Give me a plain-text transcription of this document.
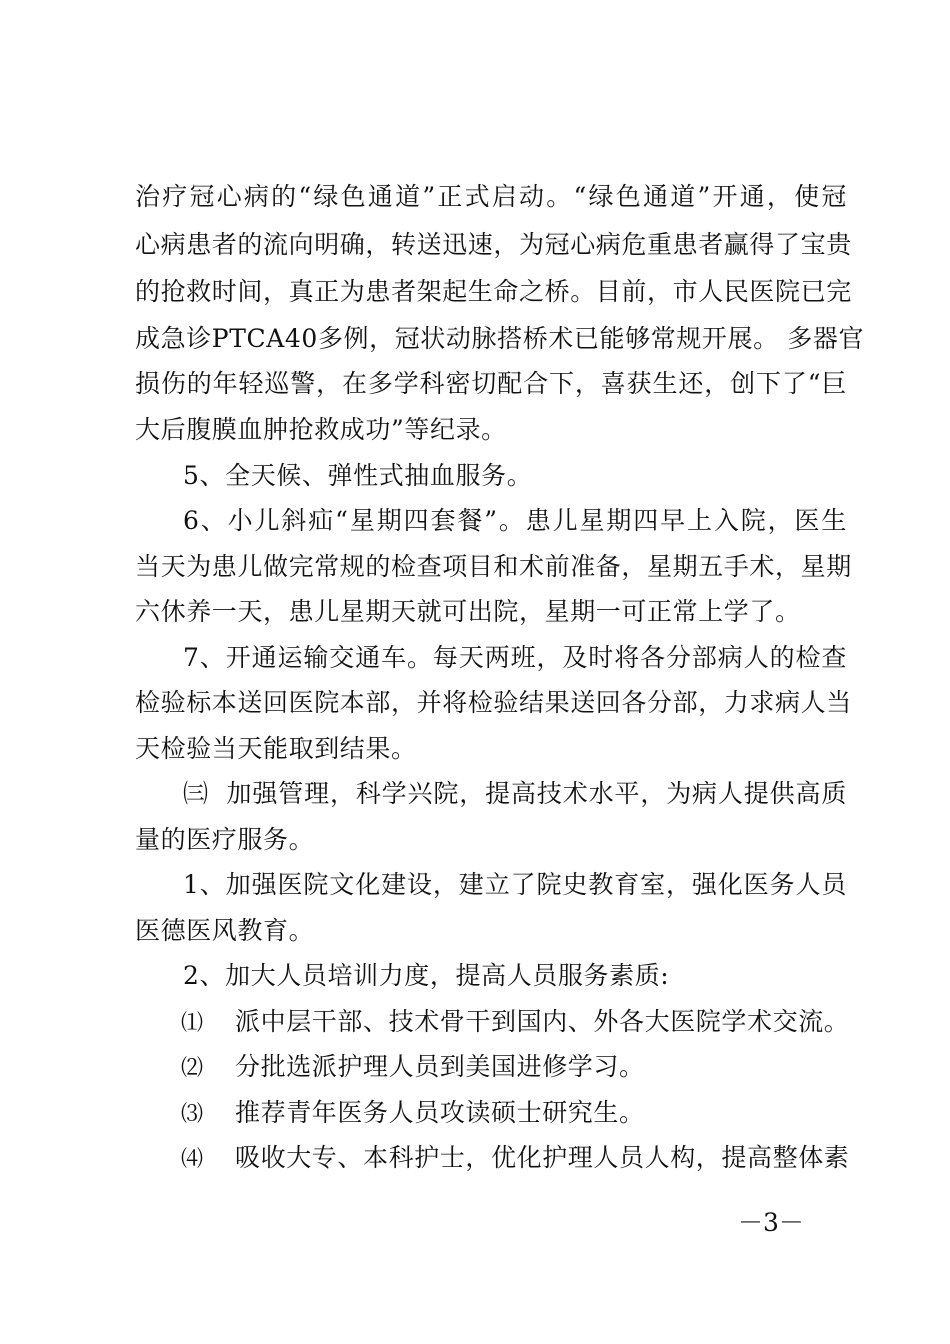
治疗冠心病的“绿色通道”正式启动。“绿色通道”开通，使冠
心病患者的流向明确，转送迅速，为冠心病危重患者赢得了宝贵
的抢救时间，真正为患者架起生命之桥。目前，市人民医院已完
成急诊PTCA40多例，冠状动脉搭桥术已能够常规开展。 多器官
损伤的年轻巡警，在多学科密切配合下，喜获生还，创下了“巨
大后腹膜血肿抢救成功”等纪录。
5、全天候、弹性式抽血服务。
6、小儿斜疝“星期四套餐”。患儿星期四早上入院，医生
当天为患儿做完常规的检查项目和术前准备，星期五手术，星期
六休养一天，患儿星期天就可出院，星期一可正常上学了。
7、开通运输交通车。每天两班，及时将各分部病人的检查
检验标本送回医院本部，并将检验结果送回各分部，力求病人当
天检验当天能取到结果。
㈢  加强管理，科学兴院，提高技术水平，为病人提供高质
量的医疗服务。
1、加强医院文化建设，建立了院史教育室，强化医务人员
医德医风教育。
2、加大人员培训力度，提高人员服务素质:
⑴ 派中层干部、技术骨干到国内、外各大医院学术交流。
⑵ 分批选派护理人员到美国进修学习。
⑶ 推荐青年医务人员攻读硕士研究生。
⑷ 吸收大专、本科护士，优化护理人员人构，提高整体素
－3－
